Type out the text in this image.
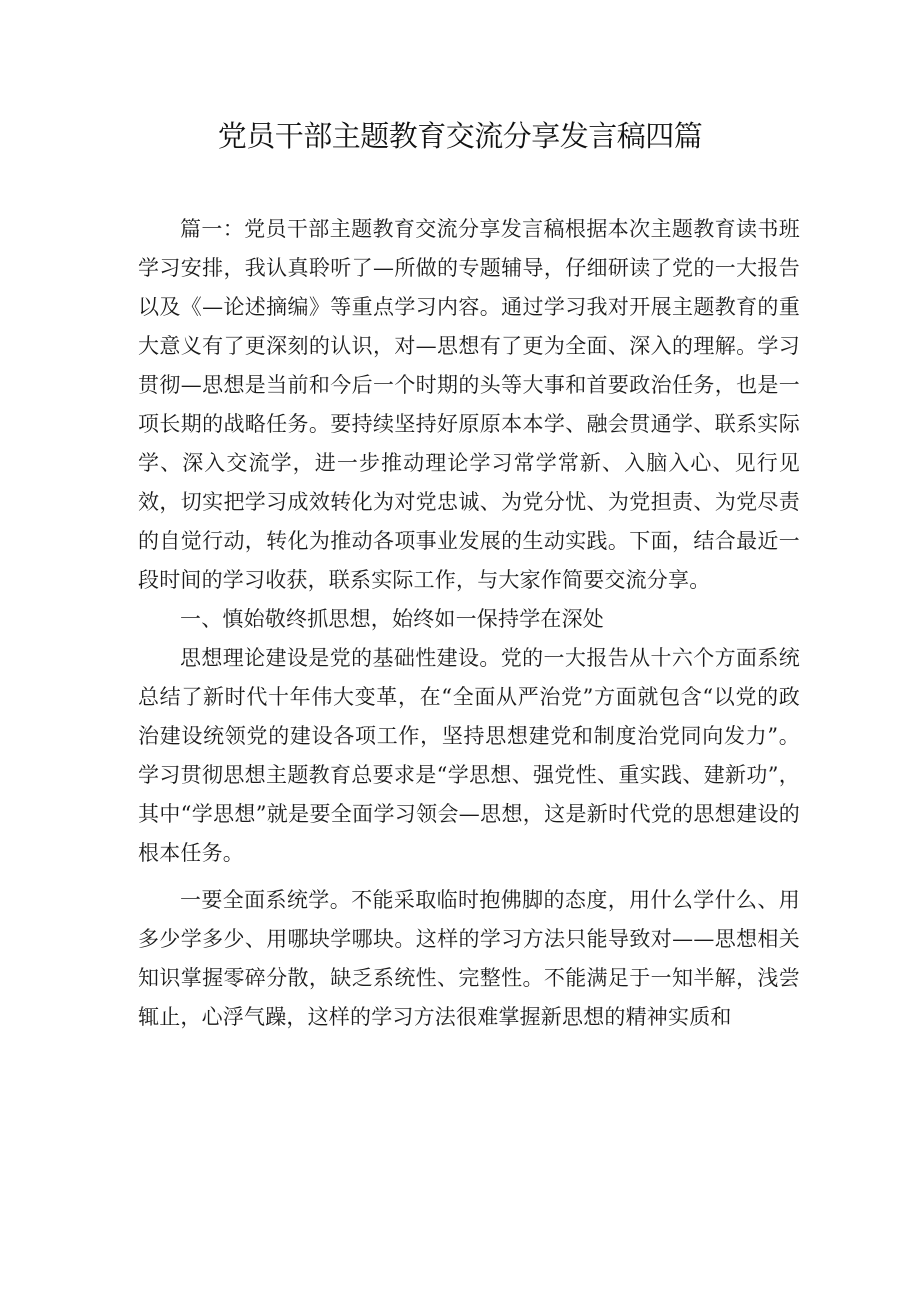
党员干部主题教育交流分享发言稿四篇

篇一：党员干部主题教育交流分享发言稿根据本次主题教育读书班学习安排，我认真聆听了—所做的专题辅导，仔细研读了党的一大报告以及《—论述摘编》等重点学习内容。通过学习我对开展主题教育的重大意义有了更深刻的认识，对—思想有了更为全面、深入的理解。学习贯彻—思想是当前和今后一个时期的头等大事和首要政治任务，也是一项长期的战略任务。要持续坚持好原原本本学、融会贯通学、联系实际学、深入交流学，进一步推动理论学习常学常新、入脑入心、见行见效，切实把学习成效转化为对党忠诚、为党分忧、为党担责、为党尽责的自觉行动，转化为推动各项事业发展的生动实践。下面，结合最近一段时间的学习收获，联系实际工作，与大家作简要交流分享。

一、慎始敬终抓思想，始终如一保持学在深处

思想理论建设是党的基础性建设。党的一大报告从十六个方面系统总结了新时代十年伟大变革，在“全面从严治党”方面就包含“以党的政治建设统领党的建设各项工作，坚持思想建党和制度治党同向发力”。学习贯彻思想主题教育总要求是“学思想、强党性、重实践、建新功”，其中“学思想”就是要全面学习领会—思想，这是新时代党的思想建设的根本任务。

一要全面系统学。不能采取临时抱佛脚的态度，用什么学什么、用多少学多少、用哪块学哪块。这样的学习方法只能导致对——思想相关知识掌握零碎分散，缺乏系统性、完整性。不能满足于一知半解，浅尝辄止，心浮气躁，这样的学习方法很难掌握新思想的精神实质和
